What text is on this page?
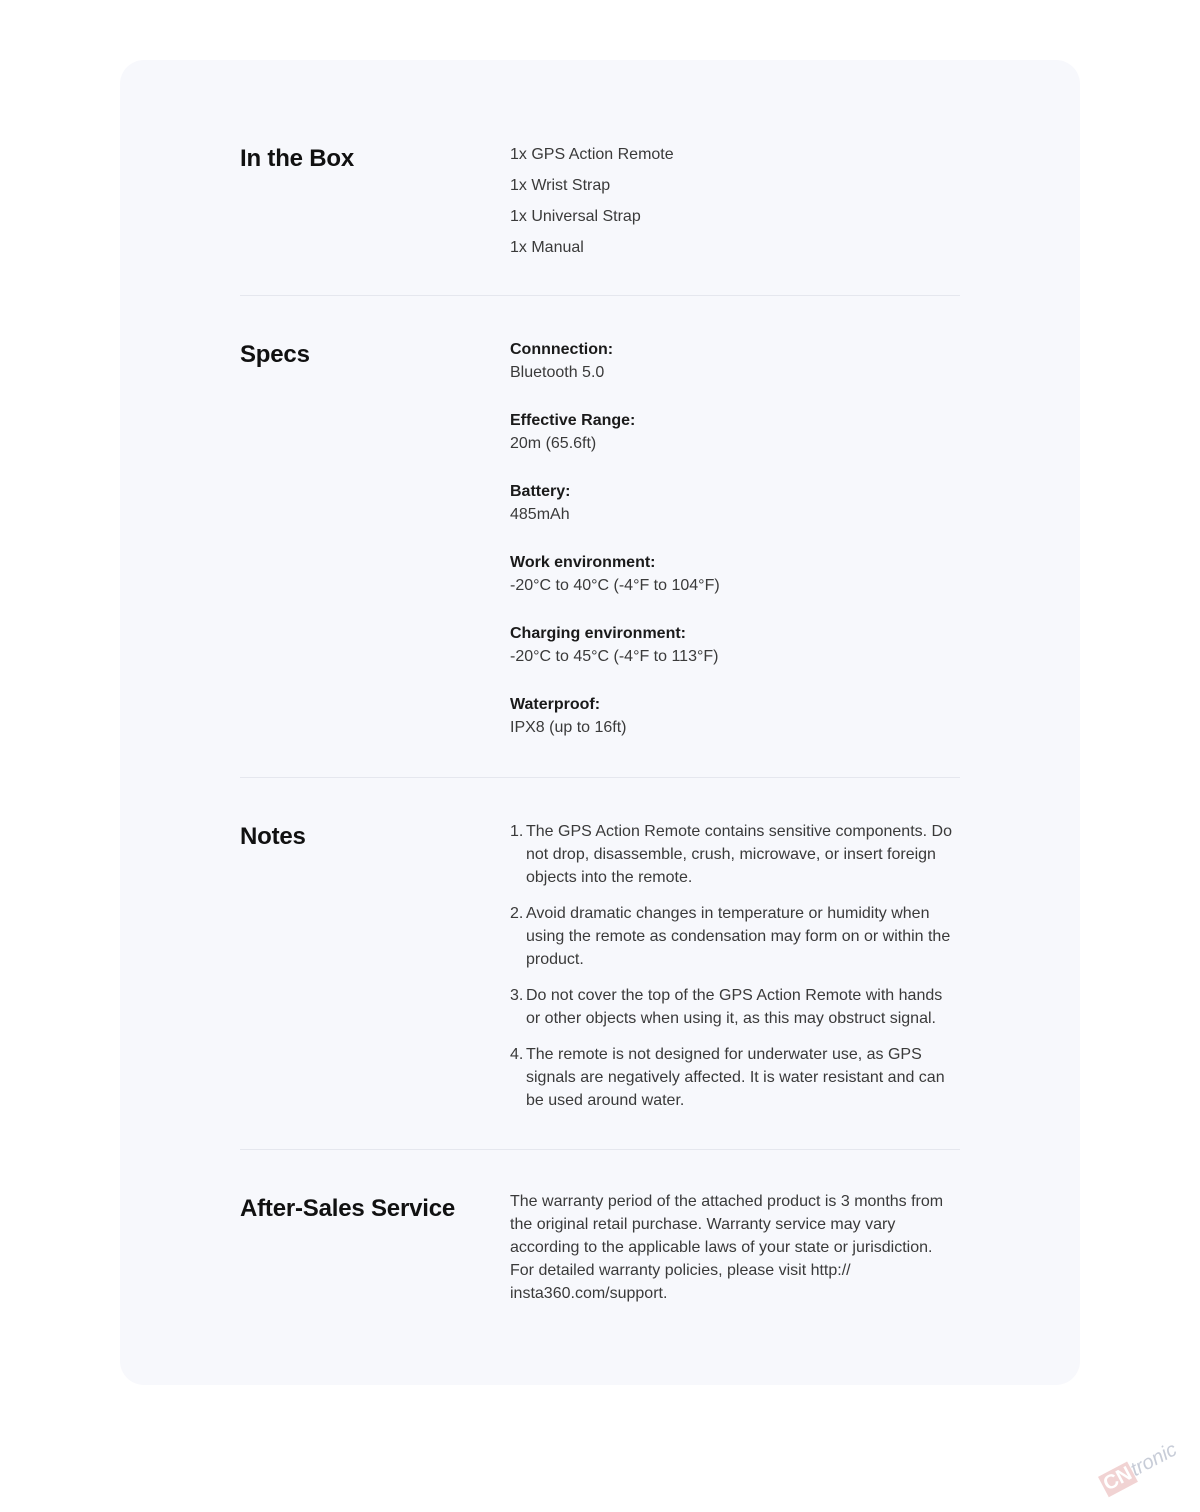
In the Box	1x GPS Action Remote
1x Wrist Strap
1x Universal Strap
1x Manual
Specs	Connnection:
Bluetooth 5.0
Effective Range:
20m (65.6ft)
Battery:
485mAh
Work environment:
-20°C to 40°C (-4°F to 104°F)
Charging environment:
-20°C to 45°C (-4°F to 113°F)
Waterproof:
IPX8 (up to 16ft)
Notes	1. The GPS Action Remote contains sensitive components. Do not drop, disassemble, crush, microwave, or insert foreign objects into the remote.
2. Avoid dramatic changes in temperature or humidity when using the remote as condensation may form on or within the product.
3. Do not cover the top of the GPS Action Remote with hands or other objects when using it, as this may obstruct signal.
4. The remote is not designed for underwater use, as GPS signals are negatively affected. It is water resistant and can be used around water.
After-Sales Service	The warranty period of the attached product is 3 months from the original retail purchase. Warranty service may vary according to the applicable laws of your state or jurisdiction. For detailed warranty policies, please visit http:// insta360.com/support.

CNtronic
